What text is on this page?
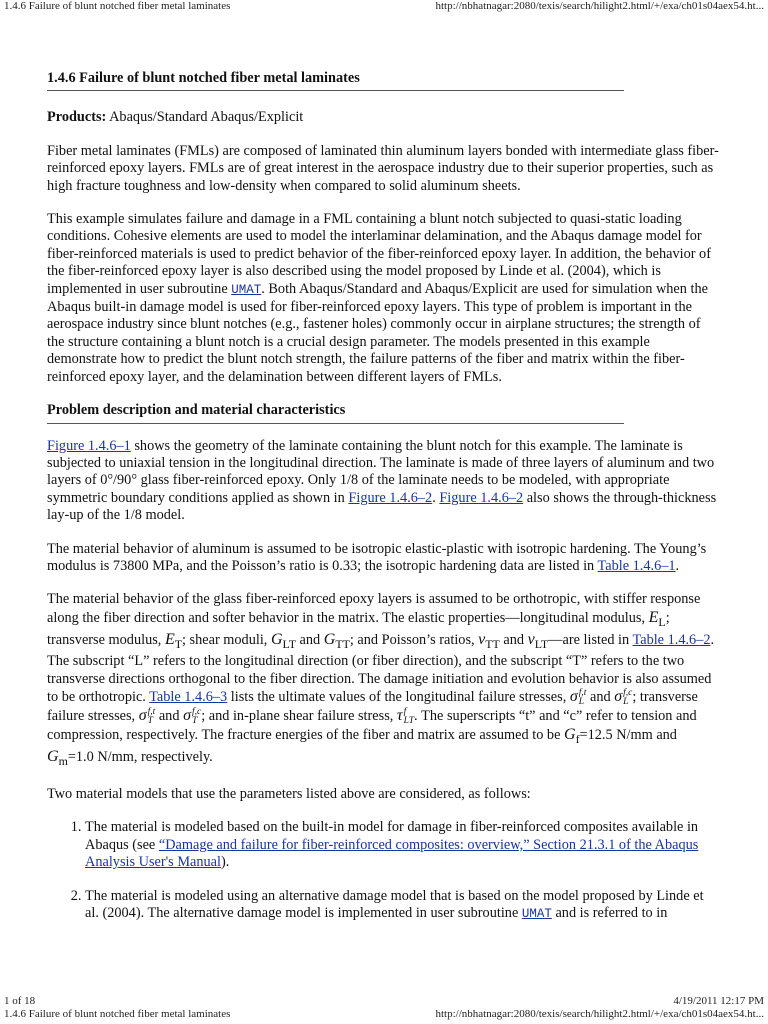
1.4.6 Failure of blunt notched fiber metal laminates	http://nbhatnagar:2080/texis/search/hilight2.html/+/exa/ch01s04aex54.ht...
1.4.6 Failure of blunt notched fiber metal laminates

Products: Abaqus/Standard Abaqus/Explicit

Fiber metal laminates (FMLs) are composed of laminated thin aluminum layers bonded with intermediate glass fiber-reinforced epoxy layers. FMLs are of great interest in the aerospace industry due to their superior properties, such as high fracture toughness and low-density when compared to solid aluminum sheets.

This example simulates failure and damage in a FML containing a blunt notch subjected to quasi-static loading conditions. Cohesive elements are used to model the interlaminar delamination, and the Abaqus damage model for fiber-reinforced materials is used to predict behavior of the fiber-reinforced epoxy layer. In addition, the behavior of the fiber-reinforced epoxy layer is also described using the model proposed by Linde et al. (2004), which is implemented in user subroutine UMAT. Both Abaqus/Standard and Abaqus/Explicit are used for simulation when the Abaqus built-in damage model is used for fiber-reinforced epoxy layers. This type of problem is important in the aerospace industry since blunt notches (e.g., fastener holes) commonly occur in airplane structures; the strength of the structure containing a blunt notch is a crucial design parameter. The models presented in this example demonstrate how to predict the blunt notch strength, the failure patterns of the fiber and matrix within the fiber-reinforced epoxy layer, and the delamination between different layers of FMLs.

Problem description and material characteristics

Figure 1.4.6–1 shows the geometry of the laminate containing the blunt notch for this example. The laminate is subjected to uniaxial tension in the longitudinal direction. The laminate is made of three layers of aluminum and two layers of 0°/90° glass fiber-reinforced epoxy. Only 1/8 of the laminate needs to be modeled, with appropriate symmetric boundary conditions applied as shown in Figure 1.4.6–2. Figure 1.4.6–2 also shows the through-thickness lay-up of the 1/8 model.

The material behavior of aluminum is assumed to be isotropic elastic-plastic with isotropic hardening. The Young’s modulus is 73800 MPa, and the Poisson’s ratio is 0.33; the isotropic hardening data are listed in Table 1.4.6–1.

The material behavior of the glass fiber-reinforced epoxy layers is assumed to be orthotropic, with stiffer response along the fiber direction and softer behavior in the matrix. The elastic properties—longitudinal modulus, $E_L$; transverse modulus, $E_T$; shear moduli, $G_{LT}$ and $G_{TT}$; and Poisson’s ratios, $\nu_{TT}$ and $\nu_{LT}—are$ listed in Table 1.4.6–2. The subscript “L” refers to the longitudinal direction (or fiber direction), and the subscript “T” refers to the two transverse directions orthogonal to the fiber direction. The damage initiation and evolution behavior is also assumed to be orthotropic. Table 1.4.6–3 lists the ultimate values of the longitudinal failure stresses, σ f,t
L and σ f,c
L ; transverse failure stresses, σ f,t
T and σ f,c
T ; and in-plane shear failure stress, τ f
LT . The superscripts “t” and “c” refer to tension and compression, respectively. The fracture energies of the fiber and matrix are assumed to be $G_f=12.5$ N/mm and $G_m=1.0$ N/mm, respectively.

Two material models that use the parameters listed above are considered, as follows:

1. The material is modeled based on the built-in model for damage in fiber-reinforced composites available in Abaqus (see “Damage and failure for fiber-reinforced composites: overview,” Section 21.3.1 of the Abaqus Analysis User's Manual).
2. The material is modeled using an alternative damage model that is based on the model proposed by Linde et al. (2004). The alternative damage model is implemented in user subroutine UMAT and is referred to in
1 of 18	4/19/2011 12:17 PM
1.4.6 Failure of blunt notched fiber metal laminates	http://nbhatnagar:2080/texis/search/hilight2.html/+/exa/ch01s04aex54.ht...
